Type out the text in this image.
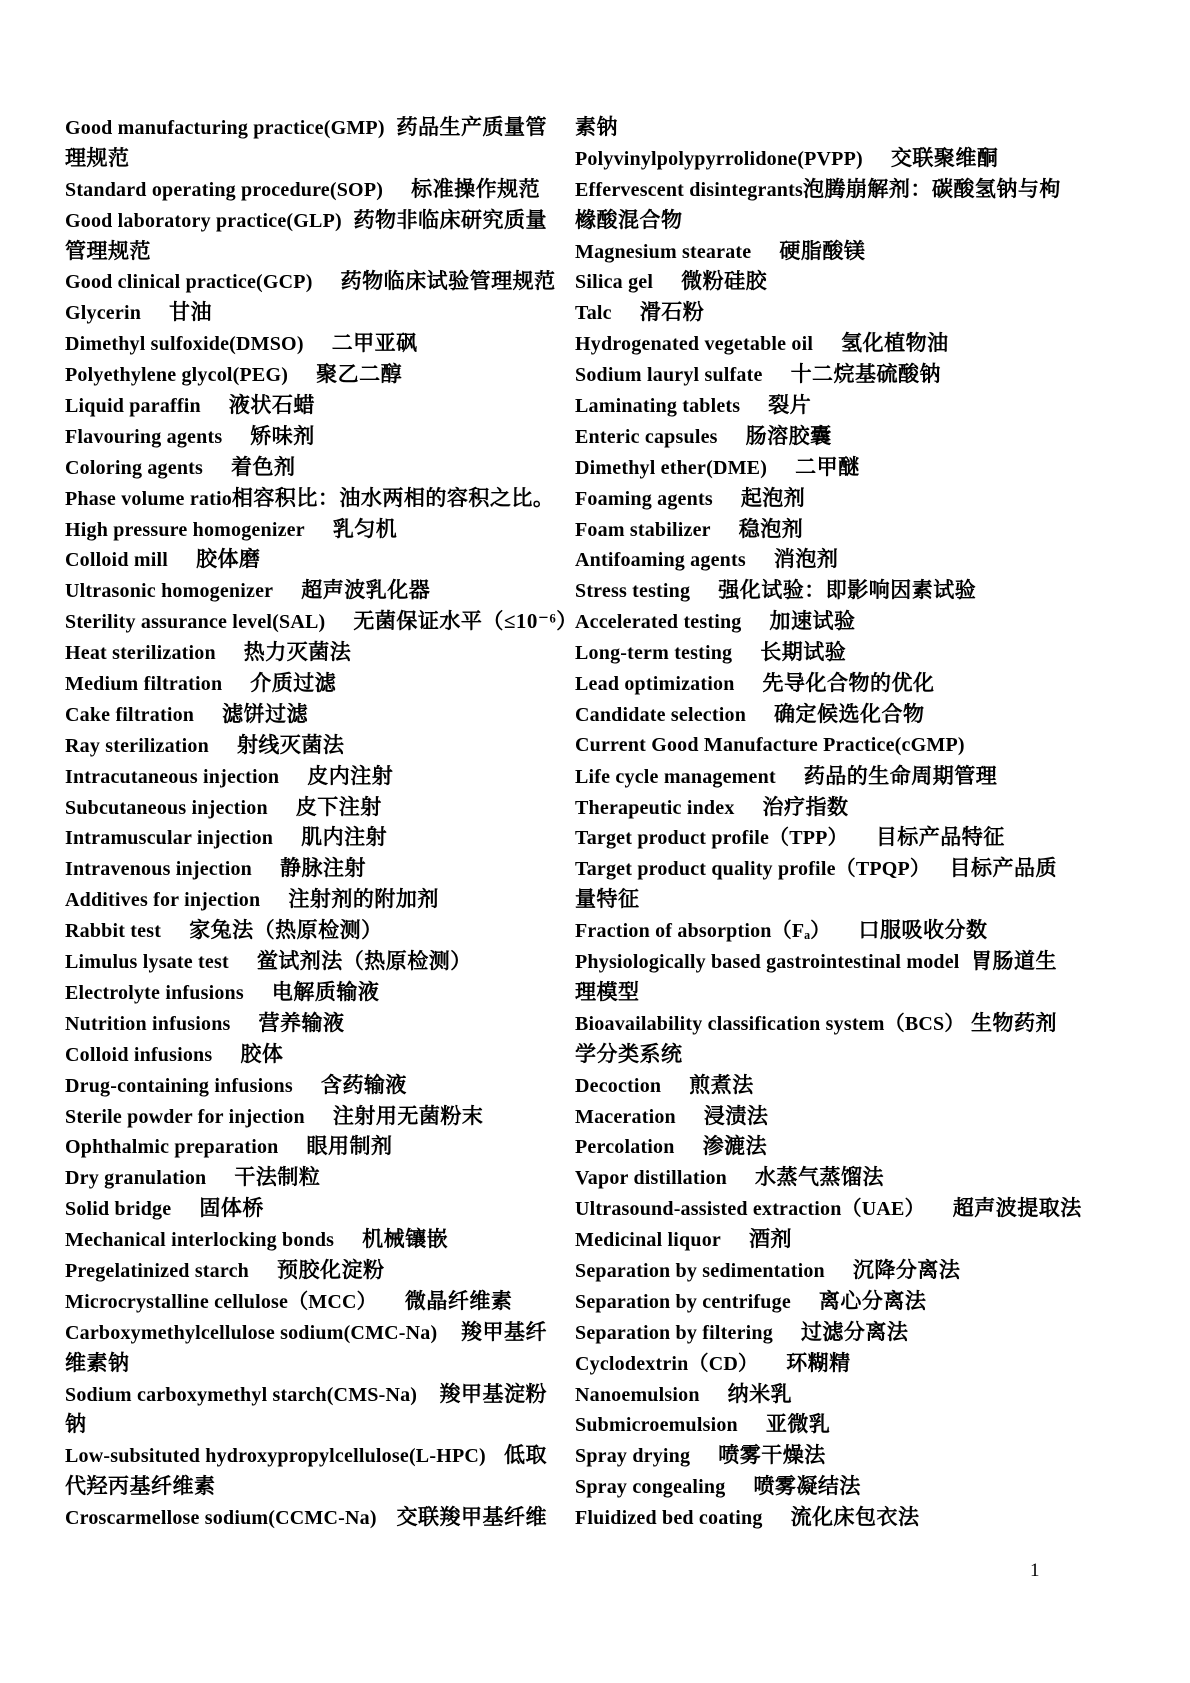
Good manufacturing practice(GMP) 药品生产质量管
理规范
Standard operating procedure(SOP) 标准操作规范
Good laboratory practice(GLP) 药物非临床研究质量
管理规范
Good clinical practice(GCP) 药物临床试验管理规范
Glycerin 甘油
Dimethyl sulfoxide(DMSO) 二甲亚砜
Polyethylene glycol(PEG) 聚乙二醇
Liquid paraffin 液状石蜡
Flavouring agents 矫味剂
Coloring agents 着色剂
Phase volume ratio 相容积比：油水两相的容积之比。
High pressure homogenizer 乳匀机
Colloid mill 胶体磨
Ultrasonic homogenizer 超声波乳化器
Sterility assurance level(SAL) 无菌保证水平（≤10⁻⁶）
Heat sterilization 热力灭菌法
Medium filtration 介质过滤
Cake filtration 滤饼过滤
Ray sterilization 射线灭菌法
Intracutaneous injection 皮内注射
Subcutaneous injection 皮下注射
Intramuscular injection 肌内注射
Intravenous injection 静脉注射
Additives for injection 注射剂的附加剂
Rabbit test 家兔法（热原检测）
Limulus lysate test 鲎试剂法（热原检测）
Electrolyte infusions 电解质输液
Nutrition infusions 营养输液
Colloid infusions 胶体
Drug-containing infusions 含药输液
Sterile powder for injection 注射用无菌粉末
Ophthalmic preparation 眼用制剂
Dry granulation 干法制粒
Solid bridge 固体桥
Mechanical interlocking bonds 机械镶嵌
Pregelatinized starch 预胶化淀粉
Microcrystalline cellulose（MCC） 微晶纤维素
Carboxymethylcellulose sodium(CMC-Na) 羧甲基纤
维素钠
Sodium carboxymethyl starch(CMS-Na) 羧甲基淀粉
钠
Low-subsituted hydroxypropylcellulose(L-HPC) 低取
代羟丙基纤维素
Croscarmellose sodium(CCMC-Na) 交联羧甲基纤维
素钠
Polyvinylpolypyrrolidone(PVPP) 交联聚维酮
Effervescent disintegrants 泡腾崩解剂：碳酸氢钠与枸
橼酸混合物
Magnesium stearate 硬脂酸镁
Silica gel 微粉硅胶
Talc 滑石粉
Hydrogenated vegetable oil 氢化植物油
Sodium lauryl sulfate 十二烷基硫酸钠
Laminating tablets 裂片
Enteric capsules 肠溶胶囊
Dimethyl ether(DME) 二甲醚
Foaming agents 起泡剂
Foam stabilizer 稳泡剂
Antifoaming agents 消泡剂
Stress testing 强化试验：即影响因素试验
Accelerated testing 加速试验
Long-term testing 长期试验
Lead optimization 先导化合物的优化
Candidate selection 确定候选化合物
Current Good Manufacture Practice(cGMP)
Life cycle management 药品的生命周期管理
Therapeutic index 治疗指数
Target product profile（TPP） 目标产品特征
Target product quality profile（TPQP） 目标产品质
量特征
Fraction of absorption（Fₐ） 口服吸收分数
Physiologically based gastrointestinal model 胃肠道生
理模型
Bioavailability classification system（BCS） 生物药剂
学分类系统
Decoction 煎煮法
Maceration 浸渍法
Percolation 渗漉法
Vapor distillation 水蒸气蒸馏法
Ultrasound-assisted extraction（UAE） 超声波提取法
Medicinal liquor 酒剂
Separation by sedimentation 沉降分离法
Separation by centrifuge 离心分离法
Separation by filtering 过滤分离法
Cyclodextrin（CD） 环糊精
Nanoemulsion 纳米乳
Submicroemulsion 亚微乳
Spray drying 喷雾干燥法
Spray congealing 喷雾凝结法
Fluidized bed coating 流化床包衣法
1
